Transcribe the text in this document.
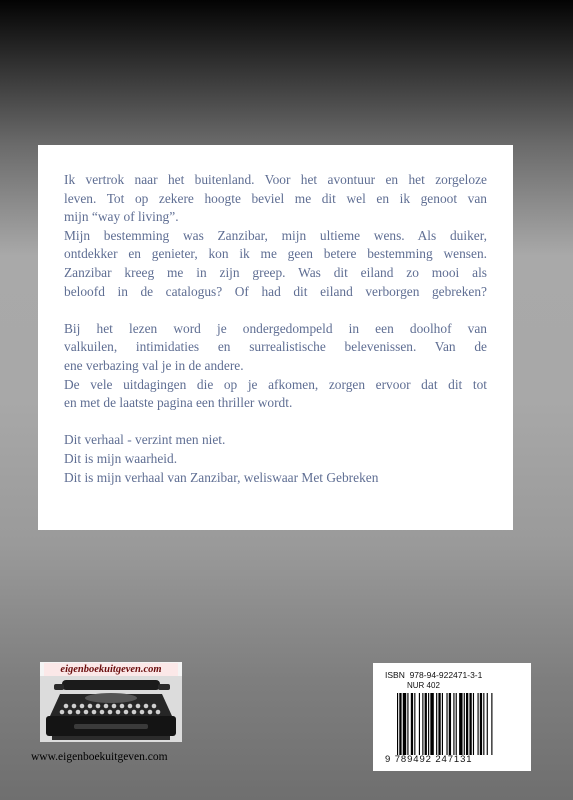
Ik vertrok naar het buitenland. Voor het avontuur en het zorgeloze

leven. Tot op zekere hoogte beviel me dit wel en ik genoot van

mijn “way of living”.

Mijn bestemming was Zanzibar, mijn ultieme wens. Als duiker,

ontdekker en genieter, kon ik me geen betere bestemming wensen.

Zanzibar kreeg me in zijn greep. Was dit eiland zo mooi als

beloofd in de catalogus? Of had dit eiland verborgen gebreken?

Bij het lezen word je ondergedompeld in een doolhof van

valkuilen, intimidaties en surrealistische belevenissen. Van de

ene verbazing val je in de andere.

De vele uitdagingen die op je afkomen, zorgen ervoor dat dit tot

en met de laatste pagina een thriller wordt.

Dit verhaal - verzint men niet.

Dit is mijn waarheid.

Dit is mijn verhaal van Zanzibar, weliswaar Met Gebreken

eigenboekuitgeven.com
www.eigenboekuitgeven.com
ISBN 978-94-922471-3-1
NUR 402
9 789492 247131
